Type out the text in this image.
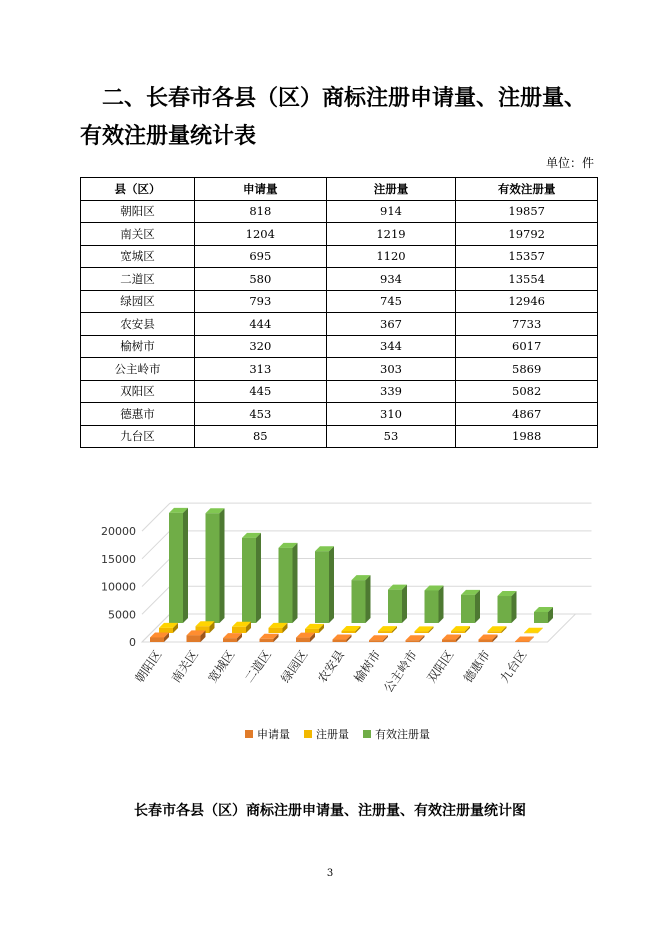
二、长春市各县（区）商标注册申请量、注册量、有效注册量统计表
单位：件
县（区）	申请量	注册量	有效注册量
朝阳区	818	914	19857
南关区	1204	1219	19792
宽城区	695	1120	15357
二道区	580	934	13554
绿园区	793	745	12946
农安县	444	367	7733
榆树市	320	344	6017
公主岭市	313	303	5869
双阳区	445	339	5082
德惠市	453	310	4867
九台区	85	53	1988
0
5000
10000
15000
20000
朝阳区 南关区 宽城区 二道区 绿园区 农安县 榆树市
公主岭市 双阳区 德惠市 九台区
申请量 注册量 有效注册量
长春市各县（区）商标注册申请量、注册量、有效注册量统计图
3
